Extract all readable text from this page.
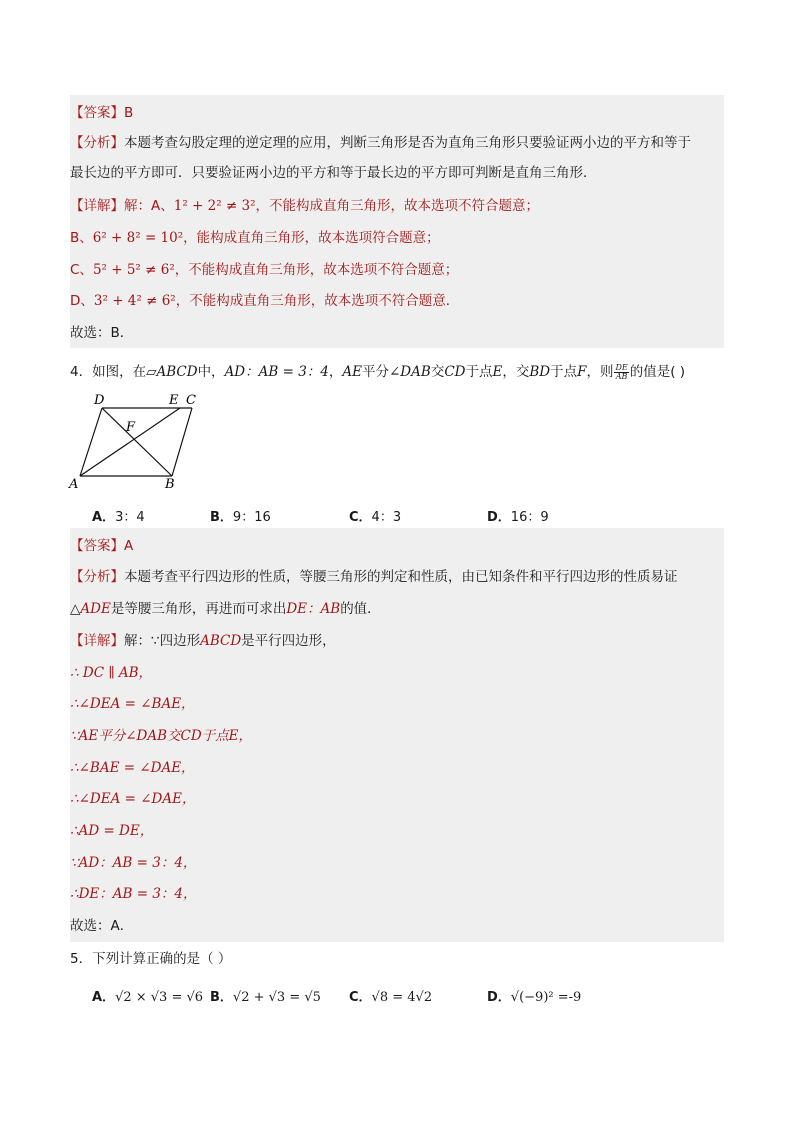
【答案】B
【分析】本题考查勾股定理的逆定理的应用，判断三角形是否为直角三角形只要验证两小边的平方和等于
最长边的平方即可．只要验证两小边的平方和等于最长边的平方即可判断是直角三角形．
【详解】解：A、1² + 2² ≠ 3²，不能构成直角三角形，故本选项不符合题意；
B、6² + 8² = 10²，能构成直角三角形，故本选项符合题意；
C、5² + 5² ≠ 6²，不能构成直角三角形，故本选项不符合题意；
D、3² + 4² ≠ 6²，不能构成直角三角形，故本选项不符合题意．
故选：B．
4．如图，在▱ABCD中，AD：AB = 3：4，AE平分∠DAB交CD于点E，交BD于点F，则 $\frac{DE}{AB}$ 的值是( )
A	B
C
D	E
F
A．3：4	B．9：16	C．4：3	D．16：9
【答案】A
【分析】本题考查平行四边形的性质，等腰三角形的判定和性质，由已知条件和平行四边形的性质易证
△ADE是等腰三角形，再进而可求出DE：AB的值．
【详解】解：∵四边形ABCD是平行四边形，
∴ DC ∥ AB，
∴∠DEA = ∠BAE，
∵AE平分∠DAB交CD于点E，
∴∠BAE = ∠DAE，
∴∠DEA = ∠DAE，
∴AD = DE，
∵AD：AB = 3：4，
∴DE：AB = 3：4，
故选：A．
5．下列计算正确的是（ ）
A．√2 × √3 = √6 B．√2 + √3 = √5 C．√8 = 4√2	D．√(−9)² =-9
